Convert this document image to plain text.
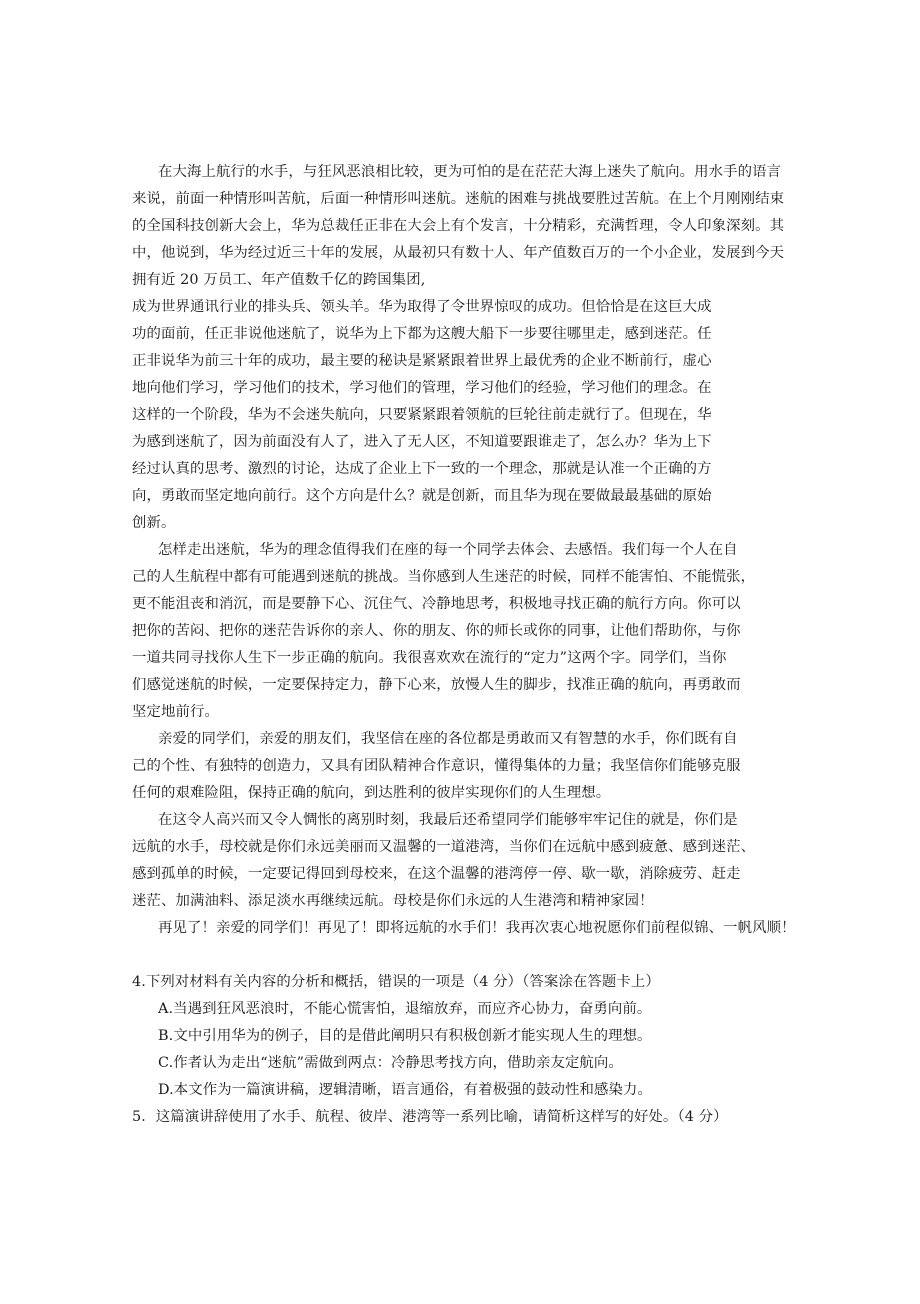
在大海上航行的水手，与狂风恶浪相比较，更为可怕的是在茫茫大海上迷失了航向。用水手的语言
来说，前面一种情形叫苦航，后面一种情形叫迷航。迷航的困难与挑战要胜过苦航。在上个月刚刚结束
的全国科技创新大会上，华为总裁任正非在大会上有个发言，十分精彩，充满哲理，令人印象深刻。其
中，他说到，华为经过近三十年的发展，从最初只有数十人、年产值数百万的一个小企业，发展到今天
拥有近 20 万员工、年产值数千亿的跨国集团,
成为世界通讯行业的排头兵、领头羊。华为取得了令世界惊叹的成功。但恰恰是在这巨大成
功的面前，任正非说他迷航了，说华为上下都为这艘大船下一步要往哪里走，感到迷茫。任
正非说华为前三十年的成功，最主要的秘诀是紧紧跟着世界上最优秀的企业不断前行，虚心
地向他们学习，学习他们的技术，学习他们的管理，学习他们的经验，学习他们的理念。在
这样的一个阶段，华为不会迷失航向，只要紧紧跟着领航的巨轮往前走就行了。但现在，华
为感到迷航了，因为前面没有人了，进入了无人区，不知道要跟谁走了，怎么办？华为上下
经过认真的思考、激烈的讨论，达成了企业上下一致的一个理念，那就是认准一个正确的方
向，勇敢而坚定地向前行。这个方向是什么？就是创新，而且华为现在要做最最基础的原始
创新。
怎样走出迷航，华为的理念值得我们在座的每一个同学去体会、去感悟。我们每一个人在自
己的人生航程中都有可能遇到迷航的挑战。当你感到人生迷茫的时候，同样不能害怕、不能慌张，
更不能沮丧和消沉，而是要静下心、沉住气、冷静地思考，积极地寻找正确的航行方向。你可以
把你的苦闷、把你的迷茫告诉你的亲人、你的朋友、你的师长或你的同事，让他们帮助你，与你
一道共同寻找你人生下一步正确的航向。我很喜欢欢在流行的“定力”这两个字。同学们，当你
们感觉迷航的时候，一定要保持定力，静下心来，放慢人生的脚步，找准正确的航向，再勇敢而
坚定地前行。
亲爱的同学们，亲爱的朋友们，我坚信在座的各位都是勇敢而又有智慧的水手，你们既有自
己的个性、有独特的创造力，又具有团队精神合作意识，懂得集体的力量；我坚信你们能够克服
任何的艰难险阻，保持正确的航向，到达胜利的彼岸实现你们的人生理想。
在这令人高兴而又令人惆怅的离别时刻，我最后还希望同学们能够牢牢记住的就是，你们是
远航的水手，母校就是你们永远美丽而又温馨的一道港湾，当你们在远航中感到疲惫、感到迷茫、
感到孤单的时候，一定要记得回到母校来，在这个温馨的港湾停一停、歇一歇，消除疲劳、赶走
迷茫、加满油料、添足淡水再继续远航。母校是你们永远的人生港湾和精神家园！
再见了！亲爱的同学们！再见了！即将远航的水手们！我再次衷心地祝愿你们前程似锦、一帆风顺！
4.下列对材料有关内容的分析和概括，错误的一项是（4 分）（答案涂在答题卡上）
A.当遇到狂风恶浪时，不能心慌害怕，退缩放弃，而应齐心协力，奋勇向前。
B.文中引用华为的例子，目的是借此阐明只有积极创新才能实现人生的理想。
C.作者认为走出“迷航”需做到两点：冷静思考找方向，借助亲友定航向。
D.本文作为一篇演讲稿，逻辑清晰，语言通俗，有着极强的鼓动性和感染力。
5．这篇演讲辞使用了水手、航程、彼岸、港湾等一系列比喻，请简析这样写的好处。（4 分）
